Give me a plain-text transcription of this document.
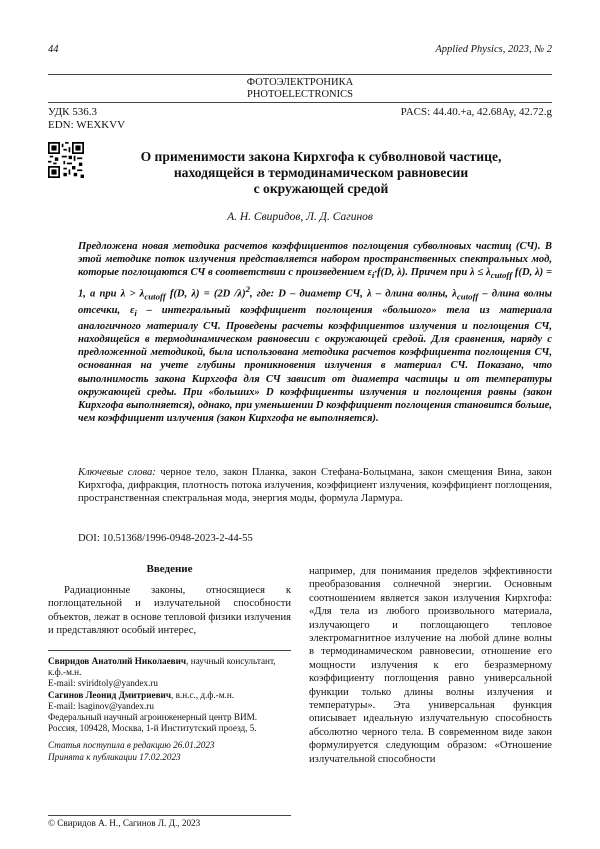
44	Applied Physics, 2023, № 2
ФОТОЭЛЕКТРОНИКА
PHOTOELECTRONICS
УДК 536.3
EDN: WEXKVV
PACS: 44.40.+a, 42.68Ay, 42.72.g
О применимости закона Кирхгофа к субволновой частице,
находящейся в термодинамическом равновесии
с окружающей средой
А. Н. Свиридов, Л. Д. Сагинов
Предложена новая методика расчетов коэффициентов поглощения субволновых частиц (СЧ). В этой методике поток излучения представляется набором пространственных спектральных мод, которые поглощаются СЧ в соответствии с произведением $\varepsilon_i\cdot f(D$, λ). Причем при $\lambda \le \lambda_{cutoff}$ f(D, λ) = 1, а при $\lambda > \lambda_{cutoff}$ f(D, λ) = (2D /λ)$^2$, где: D – диаметр СЧ, λ – длина волны, $\lambda_{cutoff}$ – длина волны отсечки, $\varepsilon_i$ – интегральный коэффициент поглощения «большого» тела из материала аналогичного материалу СЧ. Проведены расчеты коэффициентов излучения и поглощения СЧ, находящейся в термодинамическом равновесии с окружающей средой. Для сравнения, наряду с предложенной методикой, была использована методика расчетов коэффициента поглощения СЧ, основанная на учете глубины проникновения излучения в материал СЧ. Показано, что выполнимость закона Кирхгофа для СЧ зависит от диаметра частицы и от температуры окружающей среды. При «больших» D коэффициенты излучения и поглощения равны (закон Кирхгофа выполняется), однако, при уменьшении D коэффициент поглощения становится больше, чем коэффициент излучения (закон Кирхгофа не выполняется).
Ключевые слова: черное тело, закон Планка, закон Стефана-Больцмана, закон смещения Вина, закон Кирхгофа, дифракция, плотность потока излучения, коэффициент излучения, коэффициент поглощения, пространственная спектральная мода, энергия моды, формула Лармура.
DOI: 10.51368/1996-0948-2023-2-44-55
Введение

Радиационные законы, относящиеся к поглощательной и излучательной способности объектов, лежат в основе тепловой физики излучения и представляют особый интерес,

Свиридов Анатолий Николаевич, научный консультант, к.ф.-м.н.
E-mail: sviridtoly@yandex.ru
Сагинов Леонид Дмитриевич, в.н.с., д.ф.-м.н.
E-mail: lsaginov@yandex.ru
Федеральный научный агроинженерный центр ВИМ.
Россия, 109428, Москва, 1-й Институтский проезд, 5.
Статья поступила в редакцию 26.01.2023
Принята к публикации 17.02.2023
© Свиридов А. Н., Сагинов Л. Д., 2023

например, для понимания пределов эффективности преобразования солнечной энергии. Основным соотношением является закон излучения Кирхгофа: «Для тела из любого произвольного материала, излучающего и поглощающего тепловое электромагнитное излучение на любой длине волны в термодинамическом равновесии, отношение его мощности излучения к его безразмерному коэффициенту поглощения равно универсальной функции только длины волны излучения и температуры». Эта универсальная функция описывает идеальную излучательную способность абсолютно черного тела. В современном виде закон формулируется следующим образом: «Отношение излучательной способности
